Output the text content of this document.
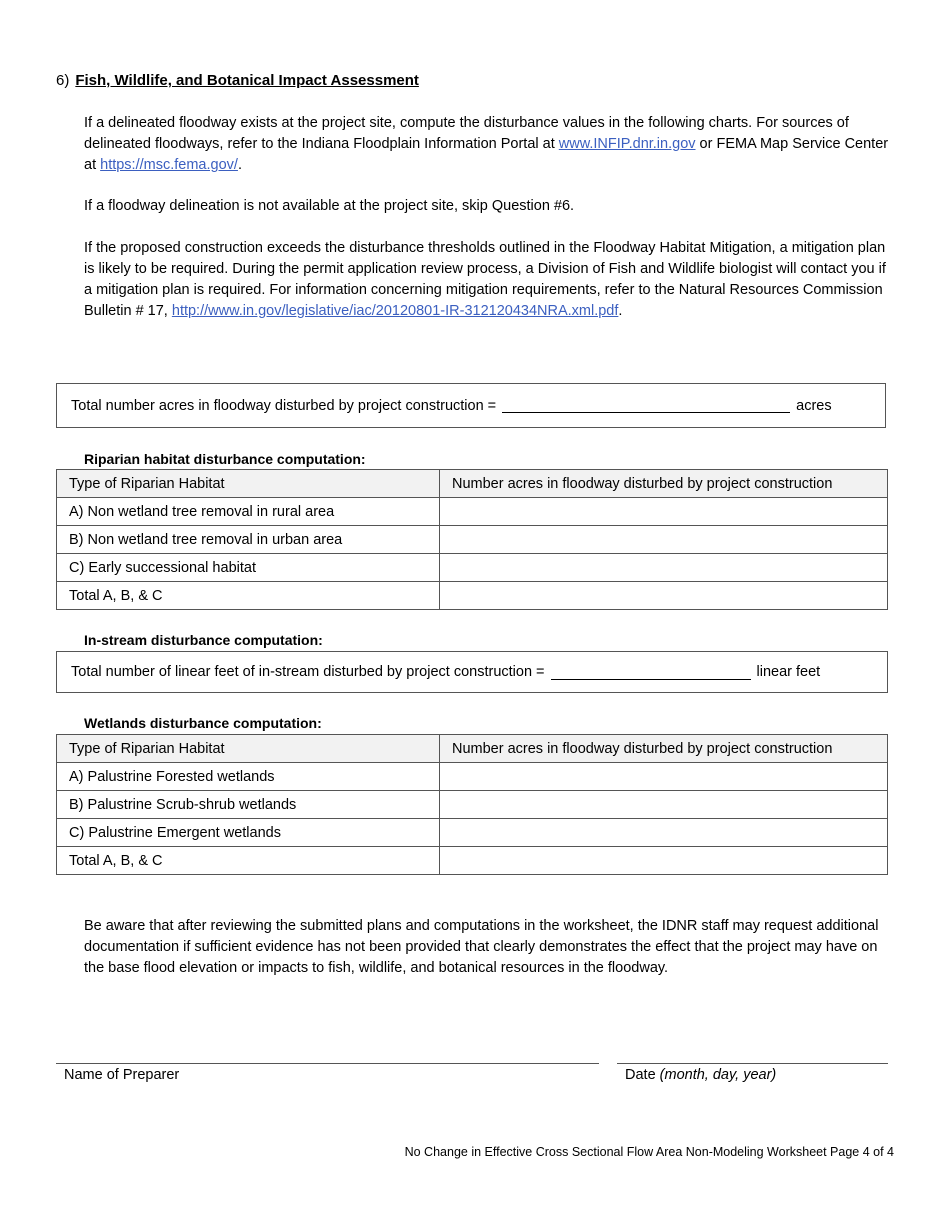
6) Fish, Wildlife, and Botanical Impact Assessment
If a delineated floodway exists at the project site, compute the disturbance values in the following charts. For sources of delineated floodways, refer to the Indiana Floodplain Information Portal at www.INFIP.dnr.in.gov or FEMA Map Service Center at https://msc.fema.gov/.
If a floodway delineation is not available at the project site, skip Question #6.
If the proposed construction exceeds the disturbance thresholds outlined in the Floodway Habitat Mitigation, a mitigation plan is likely to be required. During the permit application review process, a Division of Fish and Wildlife biologist will contact you if a mitigation plan is required. For information concerning mitigation requirements, refer to the Natural Resources Commission Bulletin # 17, http://www.in.gov/legislative/iac/20120801-IR-312120434NRA.xml.pdf.
Total number acres in floodway disturbed by project construction =	acres
Riparian habitat disturbance computation:
Type of Riparian Habitat	Number acres in floodway disturbed by project construction
A) Non wetland tree removal in rural area	
B) Non wetland tree removal in urban area	
C) Early successional habitat	
Total A, B, & C	
In-stream disturbance computation:
Total number of linear feet of in-stream disturbed by project construction =	linear feet
Wetlands disturbance computation:
Type of Riparian Habitat	Number acres in floodway disturbed by project construction
A) Palustrine Forested wetlands	
B) Palustrine Scrub-shrub wetlands	
C) Palustrine Emergent wetlands	
Total A, B, & C	
Be aware that after reviewing the submitted plans and computations in the worksheet, the IDNR staff may request additional documentation if sufficient evidence has not been provided that clearly demonstrates the effect that the project may have on the base flood elevation or impacts to fish, wildlife, and botanical resources in the floodway.
Name of Preparer	Date (month, day, year)
No Change in Effective Cross Sectional Flow Area Non-Modeling Worksheet Page 4 of 4
